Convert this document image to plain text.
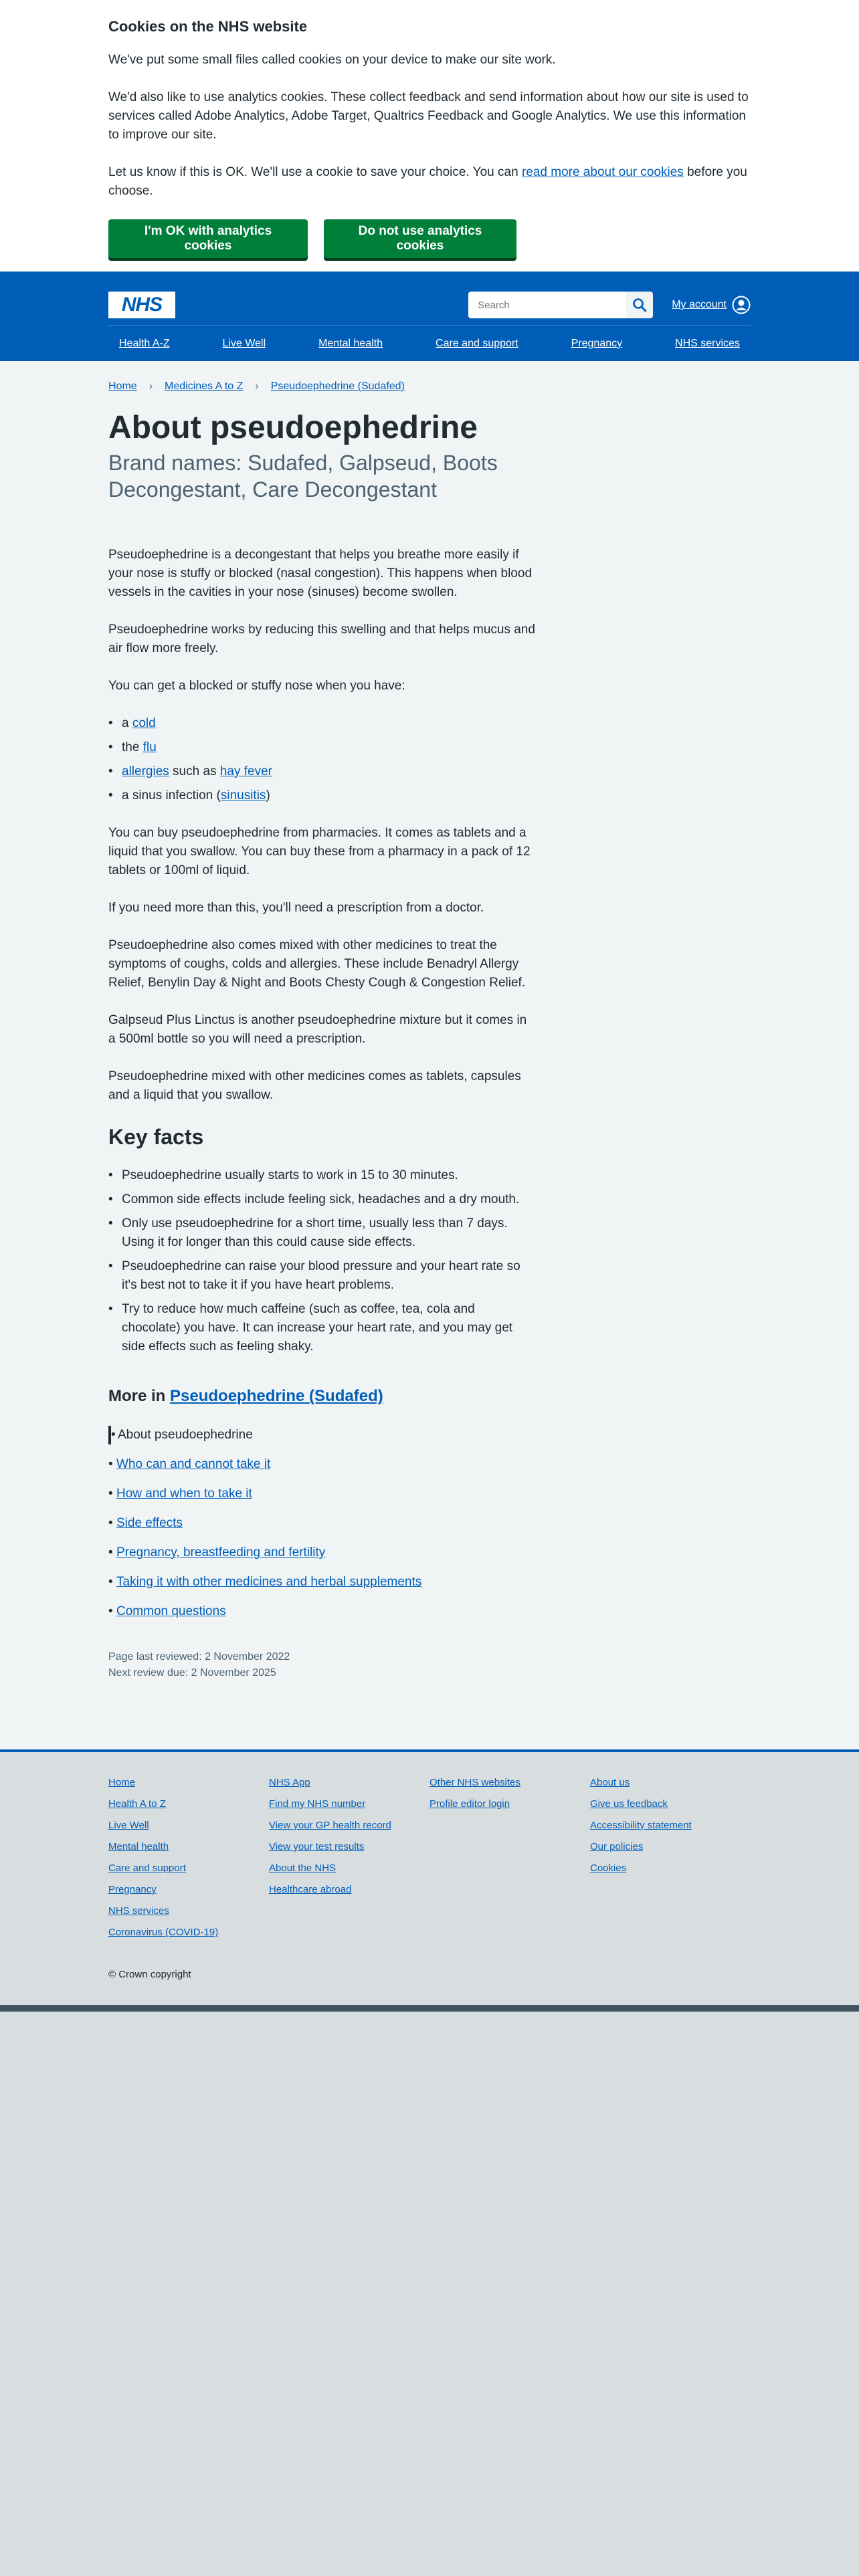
Cookies on the NHS website

We've put some small files called cookies on your device to make our site work.

We'd also like to use analytics cookies. These collect feedback and send information about how our site is used to services called Adobe Analytics, Adobe Target, Qualtrics Feedback and Google Analytics. We use this information to improve our site.

Let us know if this is OK. We'll use a cookie to save your choice. You can read more about our cookies before you choose.

I'm OK with analytics cookies
Do not use analytics cookies
NHS
Search	My account
Health A-Z	Live Well	Mental health	Care and support	Pregnancy	NHS services
Home › Medicines A to Z › Pseudoephedrine (Sudafed)
About pseudoephedrine
Brand names: Sudafed, Galpseud, Boots Decongestant, Care Decongestant

Pseudoephedrine is a decongestant that helps you breathe more easily if your nose is stuffy or blocked (nasal congestion). This happens when blood vessels in the cavities in your nose (sinuses) become swollen.

Pseudoephedrine works by reducing this swelling and that helps mucus and air flow more freely.

You can get a blocked or stuffy nose when you have:

• a cold
• the flu
• allergies such as hay fever
• a sinus infection (sinusitis)

You can buy pseudoephedrine from pharmacies. It comes as tablets and a liquid that you swallow. You can buy these from a pharmacy in a pack of 12 tablets or 100ml of liquid.

If you need more than this, you'll need a prescription from a doctor.

Pseudoephedrine also comes mixed with other medicines to treat the symptoms of coughs, colds and allergies. These include Benadryl Allergy Relief, Benylin Day & Night and Boots Chesty Cough & Congestion Relief.

Galpseud Plus Linctus is another pseudoephedrine mixture but it comes in a 500ml bottle so you will need a prescription.

Pseudoephedrine mixed with other medicines comes as tablets, capsules and a liquid that you swallow.

Key facts
• Pseudoephedrine usually starts to work in 15 to 30 minutes.
• Common side effects include feeling sick, headaches and a dry mouth.
• Only use pseudoephedrine for a short time, usually less than 7 days. Using it for longer than this could cause side effects.
• Pseudoephedrine can raise your blood pressure and your heart rate so it's best not to take it if you have heart problems.
• Try to reduce how much caffeine (such as coffee, tea, cola and chocolate) you have. It can increase your heart rate, and you may get side effects such as feeling shaky.
More in Pseudoephedrine (Sudafed)
• About pseudoephedrine
• Who can and cannot take it
• How and when to take it
• Side effects
• Pregnancy, breastfeeding and fertility
• Taking it with other medicines and herbal supplements
• Common questions
Page last reviewed: 2 November 2022
Next review due: 2 November 2025
Home
Health A to Z
Live Well
Mental health
Care and support
Pregnancy
NHS services
Coronavirus (COVID-19)
NHS App
Find my NHS number
View your GP health record
View your test results
About the NHS
Healthcare abroad
Other NHS websites
Profile editor login
About us
Give us feedback
Accessibility statement
Our policies
Cookies
© Crown copyright
